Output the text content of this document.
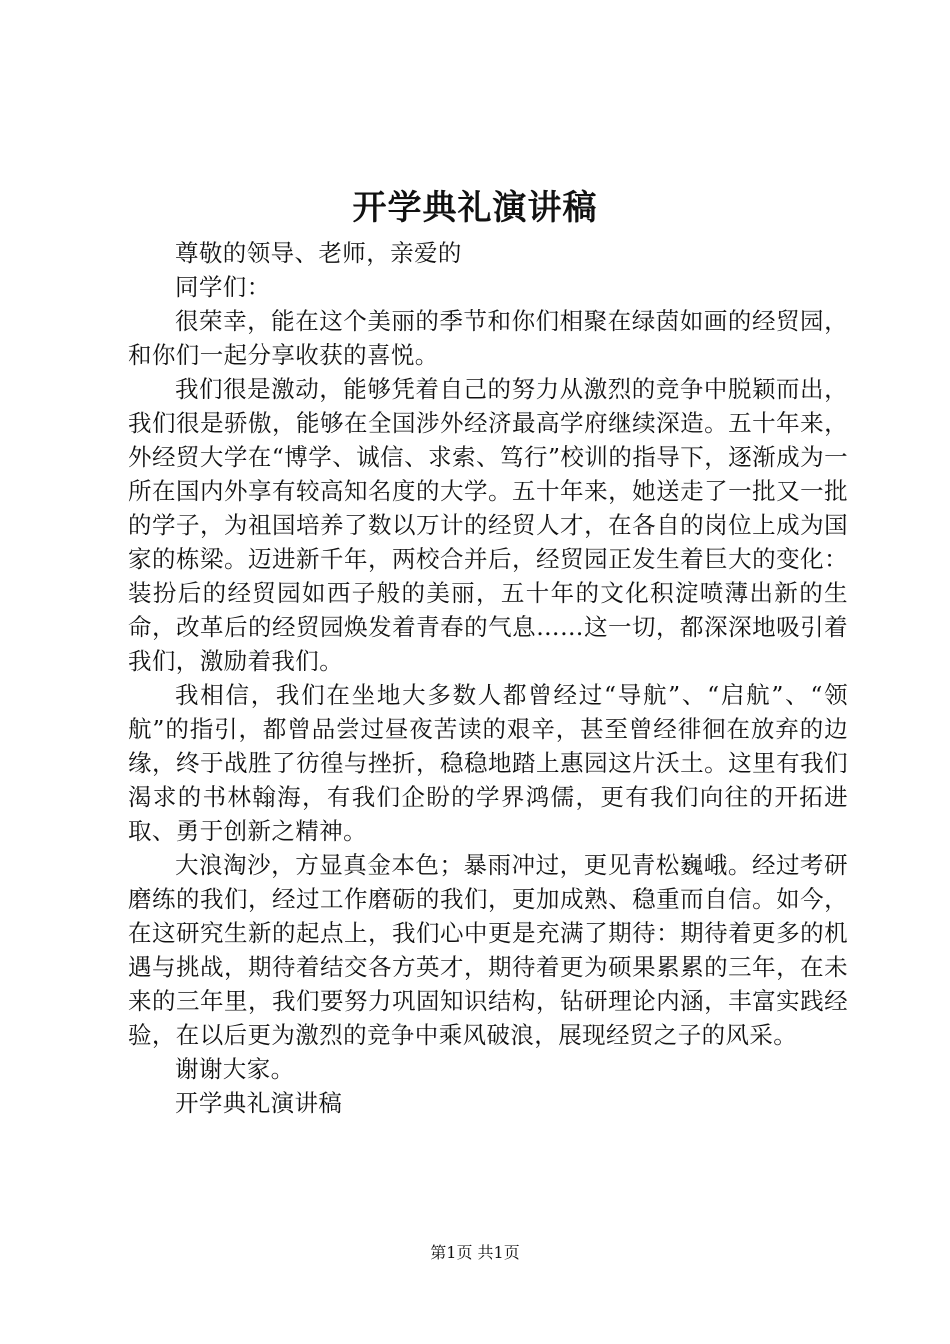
开学典礼演讲稿

尊敬的领导、老师，亲爱的

同学们：

很荣幸，能在这个美丽的季节和你们相聚在绿茵如画的经贸园，和你们一起分享收获的喜悦。

我们很是激动，能够凭着自己的努力从激烈的竞争中脱颖而出，我们很是骄傲，能够在全国涉外经济最高学府继续深造。五十年来，外经贸大学在“博学、诚信、求索、笃行”校训的指导下，逐渐成为一所在国内外享有较高知名度的大学。五十年来，她送走了一批又一批的学子，为祖国培养了数以万计的经贸人才，在各自的岗位上成为国家的栋梁。迈进新千年，两校合并后，经贸园正发生着巨大的变化：装扮后的经贸园如西子般的美丽，五十年的文化积淀喷薄出新的生命，改革后的经贸园焕发着青春的气息……这一切，都深深地吸引着我们，激励着我们。

我相信，我们在坐地大多数人都曾经过“导航”、“启航”、“领航”的指引，都曾品尝过昼夜苦读的艰辛，甚至曾经徘徊在放弃的边缘，终于战胜了彷徨与挫折，稳稳地踏上惠园这片沃土。这里有我们渴求的书林翰海，有我们企盼的学界鸿儒，更有我们向往的开拓进取、勇于创新之精神。

大浪淘沙，方显真金本色；暴雨冲过，更见青松巍峨。经过考研磨练的我们，经过工作磨砺的我们，更加成熟、稳重而自信。如今，在这研究生新的起点上，我们心中更是充满了期待：期待着更多的机遇与挑战，期待着结交各方英才，期待着更为硕果累累的三年，在未来的三年里，我们要努力巩固知识结构，钻研理论内涵，丰富实践经验，在以后更为激烈的竞争中乘风破浪，展现经贸之子的风采。

谢谢大家。

开学典礼演讲稿

第1页 共1页
